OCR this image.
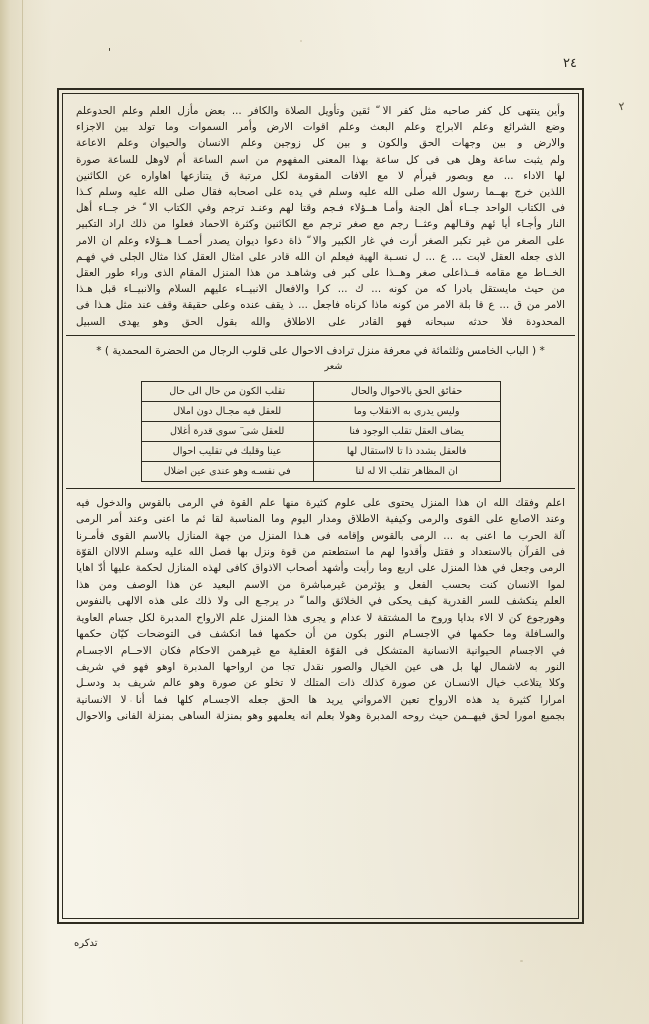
'
٢
٢٤
وأين ينتهى كل كفر صاحبه مثل كفر الا ّ ئقين وتأويل الصلاة والكافر ... بعض مأزل العلم وعلم الحدوعلم
وضع الشرائع وعلم الابراج وعلم البعث وعلم اقوات الارض وأمر السموات وما تولد بين الاجزاء
والارض و بين وجهات الحق والكون و بين كل زوجين وعلم الانسان والحيوان وعلم الاعاعة
ولم يثبت ساعة وهل هى فى كل ساعة بهذا المعنى المفهوم من اسم الساعة أم لاوهل للساعة صورة
لها الاداء ... مع وبصور قيرأم لا مع الافات المقومة لكل مرتبة ق يتنازعها اهاواره عن الكائنين
اللذين خرج بهــما رسول الله صلى الله عليه وسلم في يده على اصحابه فقال صلى الله عليه وسلم كـذا
فى الكتاب الواحد جــاء أهل الجنة وأمـا هــؤلاء فـجم وقتا لهم وعنـد ترجم وفي الكتاب الا ّ خر جــاء أهل
النار وأجـاء أيا ئهم وقـالهم وعثــا رجم مع صغر ترجم مع الكائنين وكثرة الاحماد فعلوا من ذلك اراد التكبير
على الصغر من غير تكبر الصغر أرت في غار الكبير والا ّ ذاة دعوا ديوان يصدر أحمــا هــؤلاء وعلم ان الامر
الذى جعله العقل لابت ... ع ... ل نسـبة الهية فيعلم ان الله قادر على امثال العقل كذا مثال الجلى في فهـم
الخــاط مع مقامه فــذاعلى صغر وهــذا على كبر فى وشاهـد من هذا المنزل المقام الذى وراء طور العقل
من حيث مايستقل بادرا كه من كونه ... ك ... كرا والافعال الانبيــاء عليهم السلام والانبيــاء قبل هـذا
الامر من ق ... ع قا بلة الامر من كونه ماذا كرناه فاجعل ... ذ يقف عنده وعلى حقيقة وقف عند مثل هـذا فى
المحدودة فلا حدثه سبحانه فهو القادر على الاطلاق والله بقول الحق وهو يهدى السبيل
* ( الباب الخامس وثلثمائة في معرفة منزل ترادف الاحوال على قلوب الرجال من الحضرة المحمدية ) *
شعر
حقائق الحق بالاحوال والحال	تقلب الكون من حال الى حال
وليس يدرى به الانقلاب وما	للعقل فيه مجـال دون املال
يضاف العقل تقلب الوجود فنا	للعقل شى ٓ سوى قدرة أغلال
فالعقل يشدد ذا تا لااستقال لها	عينا وقلبك في تقليب احوال
ان المظاهر تقلب الا له لنا	في نفسـه وهو عندى عين اضلال
اعلم وفقك الله ان هذا المنزل يحتوى على علوم كثيرة منها علم القوة في الرمى بالقوس والدخول فيه
وعند الاصابع على القوى والرمى وكيفية الاطلاق ومدار اليوم وما المناسبة لقا ئم ما اعنى وعند أمر الرمى
آلة الحرب ما اعنى به ... الرمى بالقوس وإقامه فى هـذا المنزل من جهة المنازل بالاسم القوى فأمـرنا
فى القرآن بالاستعداد و فقتل وأقدوا لهم ما استطعتم من قوة ونزل بها فصل الله عليه وسلم الالاان القوّة
الرمى وجعل في هذا المنزل على اربع وما رأيت وأشهد أصحاب الاذواق كافى لهذه المنازل لحكمة عليها أدّ اهايا
لموا الانسان كنت بحسب الفعل و يؤثرمن غيرمباشرة من الاسم البعيد عن هذا الوصف ومن هذا
العلم ينكشف للسر القدرية كيف يحكى في الخلائق والما ّ در يرجـع الى ولا ذلك على هذه الالهى بالنفوس
وهورجوع كن لا الاء بدايا وروح ما المشتقة لا عدام و يجرى هذا المنزل علم الارواح المدبرة لكل جسام العاوية
والسـافلة وما حكمها في الاجسـام النور بكون من أن حكمها فما انكشف فى التوضحات كيّان حكمها
في الاجسام الحيوانية الانسانية المتشكل فى القوّة العقلية مع غيرهمن الاحكام فكان الاحــام الاجسـام
النور به لاشمال لها بل هى عين الخيال والصور نقدل تجا من ارواحها المدبرة اوهو فهو في شريف
وكلا يتلاعب خيال الانسـان عن صورة كذلك ذات المتلك لا تخلو عن صورة وهو عالم شريف بد ودسـل
امرارا كثيرة يد هذه الارواح تعين الامرواني يريد ها الحق جعله الاجسـام كلها فما أنا لا الانسانية
بجميع امورا لحق فيهــمن حيث روحه المدبرة وهولا بعلم انه يعلمهو وهو بمنزلة الساهى بمنزلة الفانى والاحوال
تدكره
